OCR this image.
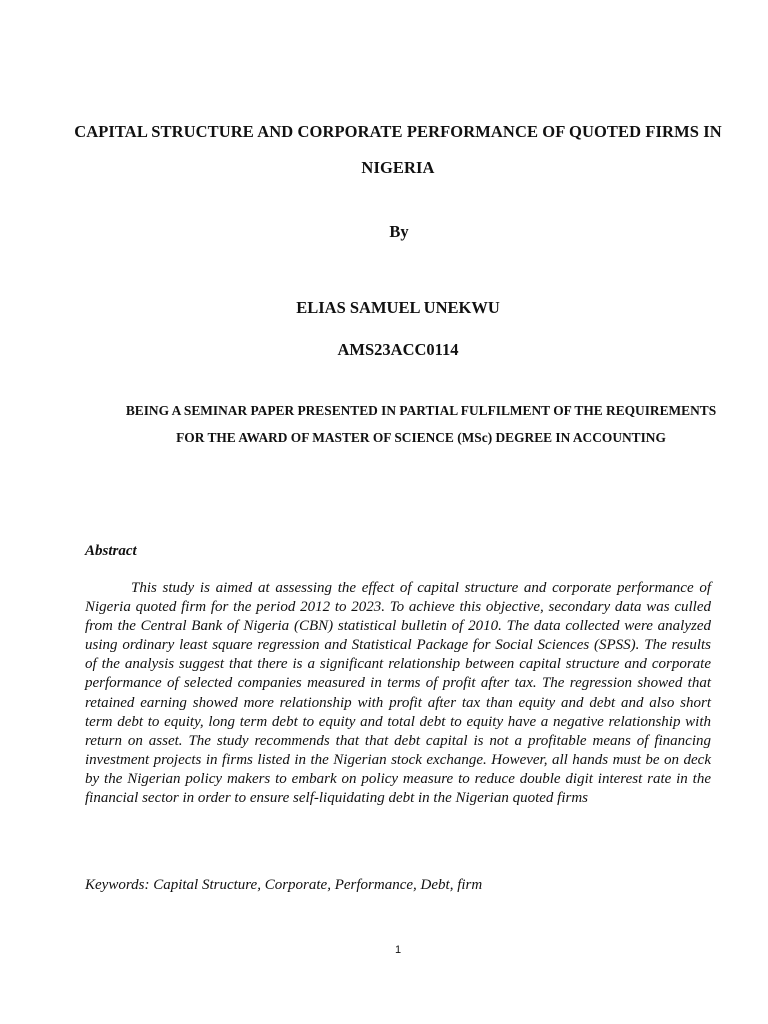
CAPITAL STRUCTURE AND CORPORATE PERFORMANCE OF QUOTED FIRMS IN NIGERIA
By
ELIAS SAMUEL UNEKWU
AMS23ACC0114
BEING A SEMINAR PAPER PRESENTED IN PARTIAL FULFILMENT OF THE REQUIREMENTS FOR THE AWARD OF MASTER OF SCIENCE (MSc) DEGREE IN ACCOUNTING
Abstract
This study is aimed at assessing the effect of capital structure and corporate performance of Nigeria quoted firm for the period 2012 to 2023. To achieve this objective, secondary data was culled from the Central Bank of Nigeria (CBN) statistical bulletin of 2010. The data collected were analyzed using ordinary least square regression and Statistical Package for Social Sciences (SPSS). The results of the analysis suggest that there is a significant relationship between capital structure and corporate performance of selected companies measured in terms of profit after tax. The regression showed that retained earning showed more relationship with profit after tax than equity and debt and also short term debt to equity, long term debt to equity and total debt to equity have a negative relationship with return on asset. The study recommends that that debt capital is not a profitable means of financing investment projects in firms listed in the Nigerian stock exchange. However, all hands must be on deck by the Nigerian policy makers to embark on policy measure to reduce double digit interest rate in the financial sector in order to ensure self-liquidating debt in the Nigerian quoted firms
Keywords: Capital Structure, Corporate, Performance, Debt, firm
1
